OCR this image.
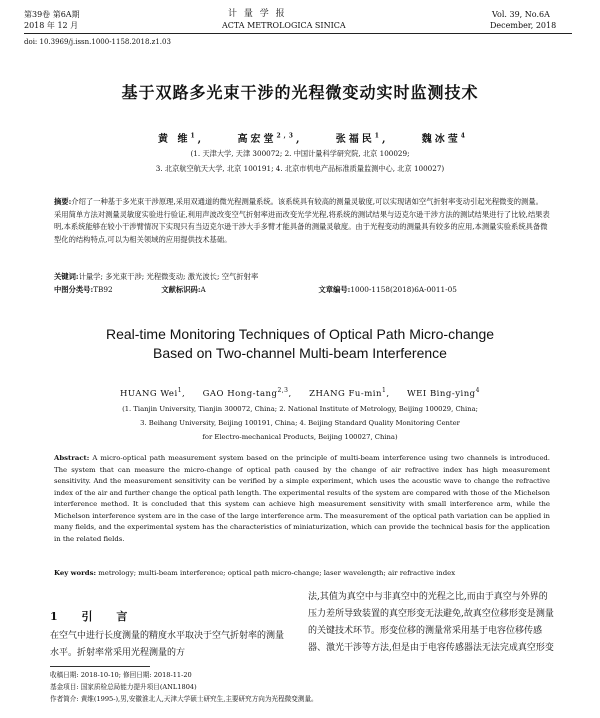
第39卷 第6A期
2018 年 12 月
计 量 学 报
ACTA METROLOGICA SINICA
Vol. 39, No.6A
December, 2018
doi: 10.3969/j.issn.1000-1158.2018.z1.03
基于双路多光束干涉的光程微变动实时监测技术
黄 维$^1$,	高宏堂$^{2,3}$,	张福民$^1$,	魏冰莹$^4$
(1. 天津大学, 天津 300072; 2. 中国计量科学研究院, 北京 100029;
3. 北京航空航天大学, 北京 100191; 4. 北京市机电产品标准质量监测中心, 北京 100027)
摘要:介绍了一种基于多光束干涉原理,采用双通道的微光程测量系统。该系统具有较高的测量灵敏度,可以实现诸如空气折射率变动引起光程微变的测量。采用简单方法对测量灵敏度实验进行验证,利用声波改变空气折射率进而改变光学光程,将系统的测试结果与迈克尔逊干涉方法的测试结果进行了比较,结果表明,本系统能够在较小干涉臂情况下实现只有当迈克尔逊干涉大手多臂才能具备的测量灵敏度。由于光程变动的测量具有较多的应用,本测量实验系统具备微型化的结构特点,可以为相关领域的应用提供技术基础。
关键词:计量学; 多光束干涉; 光程微变动; 激光波长; 空气折射率
中图分类号:TB92	文献标识码:A	文章编号:1000-1158(2018)6A-0011-05
Real-time Monitoring Techniques of Optical Path Micro-change
Based on Two-channel Multi-beam Interference
HUANG Wei$^1$, GAO Hong-tang$^{2,3}$, ZHANG $Fu-\min^1$, WEI Bing-ying$^4$
(1. Tianjin University, Tianjin 300072, China; 2. National Institute of Metrology, Beijing 100029, China;
3. Beihang University, Beijing 100191, China; 4. Beijing Standard Quality Monitoring Center
for Electro-mechanical Products, Beijing 100027, China)
Abstract: A micro-optical path measurement system based on the principle of multi-beam interference using two channels is introduced. The system that can measure the micro-change of optical path caused by the change of air refractive index has high measurement sensitivity. And the measurement sensitivity can be verified by a simple experiment, which uses the acoustic wave to change the refractive index of the air and further change the optical path length. The experimental results of the system are compared with those of the Michelson interference method. It is concluded that this system can achieve high measurement sensitivity with small interference arm, while the Michelson interference system are in the case of the large interference arm. The measurement of the optical path variation can be applied in many fields, and the experimental system has the characteristics of miniaturization, which can provide the technical basis for the application in the related fields.
Key words: metrology; multi-beam interference; optical path micro-change; laser wavelength; air refractive index
1 引 言
在空气中进行长度测量的精度水平取决于空气折射率的测量水平。折射率常采用光程测量的方
法,其值为真空中与非真空中的光程之比,而由于真空与外界的压力差所导致装置的真空形变无法避免,故真空位移形变是测量的关键技术环节。形变位移的测量常采用基于电容位移传感器、激光干涉等方法,但是由于电容传感器法无法完成真空形变
收稿日期: 2018-10-10; 修回日期: 2018-11-20
基金项目: 国家质检总局能力提升项目(ANL1804)
作者简介: 黄维(1995-),男,安徽淮北人,天津大学硕士研究生,主要研究方向为光程微变测量。
